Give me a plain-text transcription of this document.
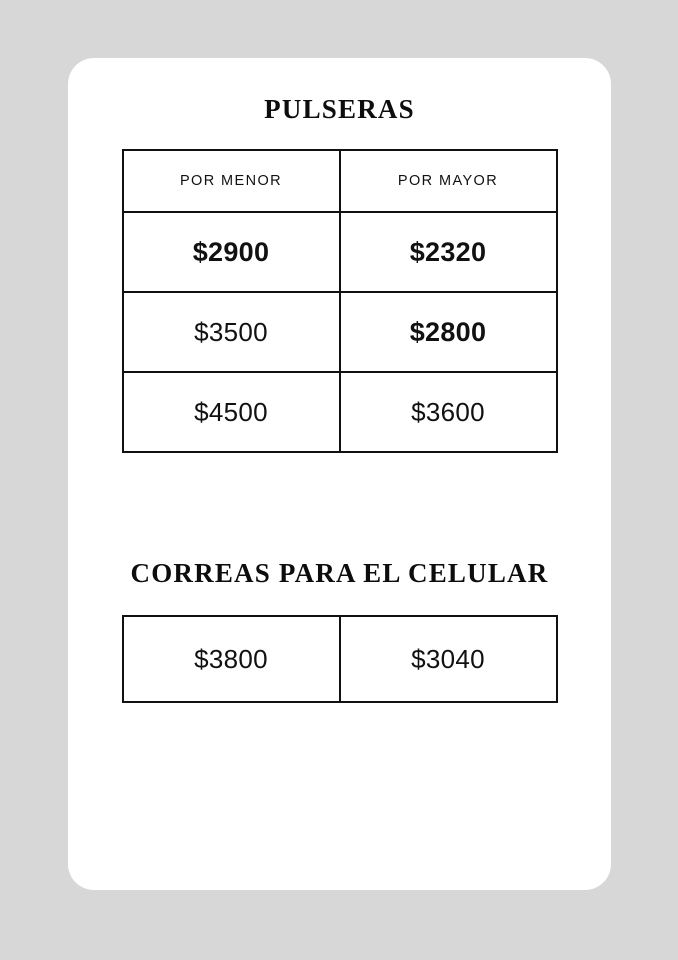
PULSERAS
POR MENOR	POR MAYOR
$2900	$2320
$3500	$2800
$4500	$3600
CORREAS PARA EL CELULAR
$3800	$3040
